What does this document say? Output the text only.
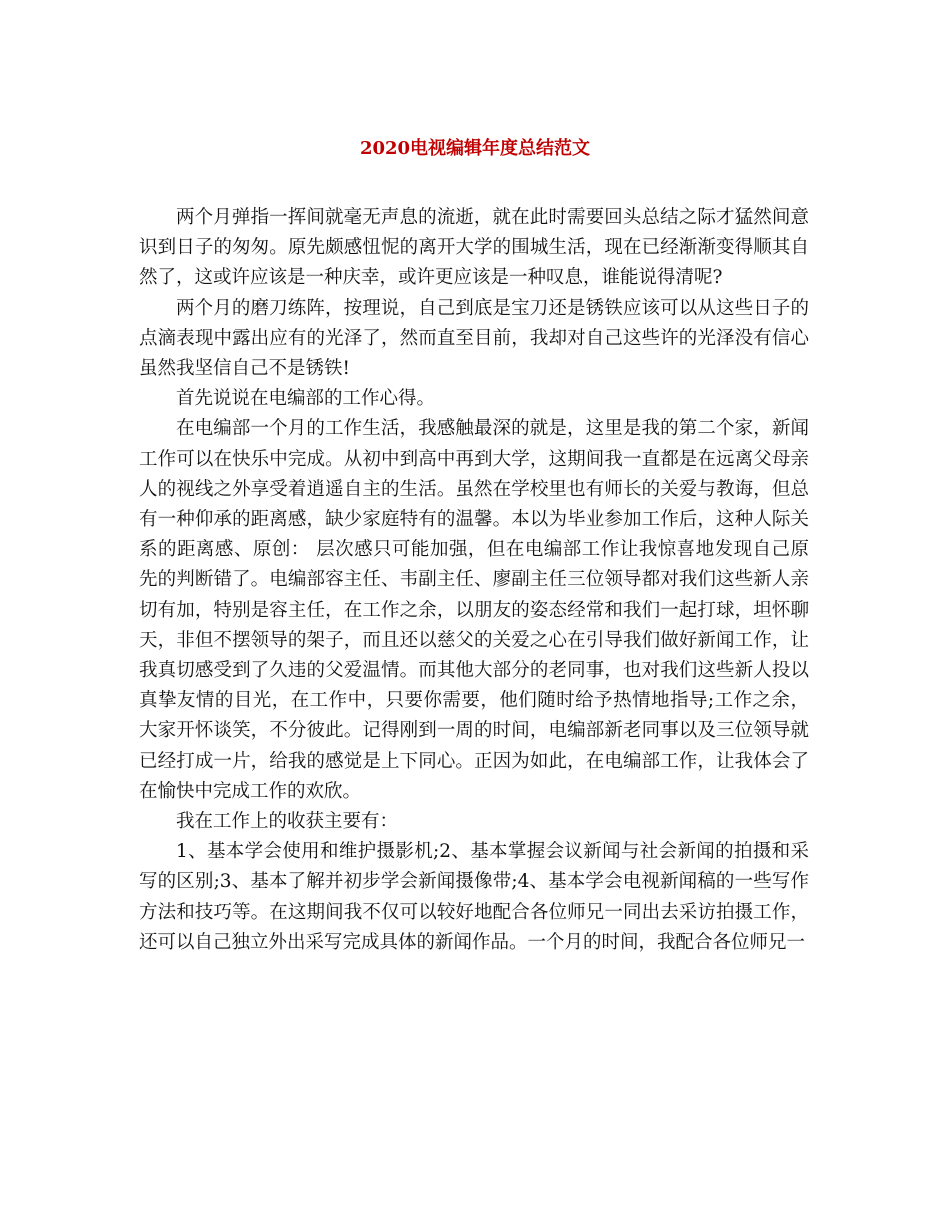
2020电视编辑年度总结范文

两个月弹指一挥间就毫无声息的流逝，就在此时需要回头总结之际才猛然间意识到日子的匆匆。原先颇感忸怩的离开大学的围城生活，现在已经渐渐变得顺其自然了，这或许应该是一种庆幸，或许更应该是一种叹息，谁能说得清呢?

两个月的磨刀练阵，按理说，自己到底是宝刀还是锈铁应该可以从这些日子的点滴表现中露出应有的光泽了，然而直至目前，我却对自己这些许的光泽没有信心虽然我坚信自己不是锈铁!

首先说说在电编部的工作心得。

在电编部一个月的工作生活，我感触最深的就是，这里是我的第二个家，新闻工作可以在快乐中完成。从初中到高中再到大学，这期间我一直都是在远离父母亲人的视线之外享受着逍遥自主的生活。虽然在学校里也有师长的关爱与教诲，但总有一种仰承的距离感，缺少家庭特有的温馨。本以为毕业参加工作后，这种人际关系的距离感、原创： 层次感只可能加强，但在电编部工作让我惊喜地发现自己原先的判断错了。电编部容主任、韦副主任、廖副主任三位领导都对我们这些新人亲切有加，特别是容主任，在工作之余，以朋友的姿态经常和我们一起打球，坦怀聊天，非但不摆领导的架子，而且还以慈父的关爱之心在引导我们做好新闻工作，让我真切感受到了久违的父爱温情。而其他大部分的老同事，也对我们这些新人投以真挚友情的目光，在工作中，只要你需要，他们随时给予热情地指导;工作之余，大家开怀谈笑，不分彼此。记得刚到一周的时间，电编部新老同事以及三位领导就已经打成一片，给我的感觉是上下同心。正因为如此，在电编部工作，让我体会了在愉快中完成工作的欢欣。

我在工作上的收获主要有：

1、基本学会使用和维护摄影机;2、基本掌握会议新闻与社会新闻的拍摄和采写的区别;3、基本了解并初步学会新闻摄像带;4、基本学会电视新闻稿的一些写作方法和技巧等。在这期间我不仅可以较好地配合各位师兄一同出去采访拍摄工作，还可以自己独立外出采写完成具体的新闻作品。一个月的时间，我配合各位师兄一
